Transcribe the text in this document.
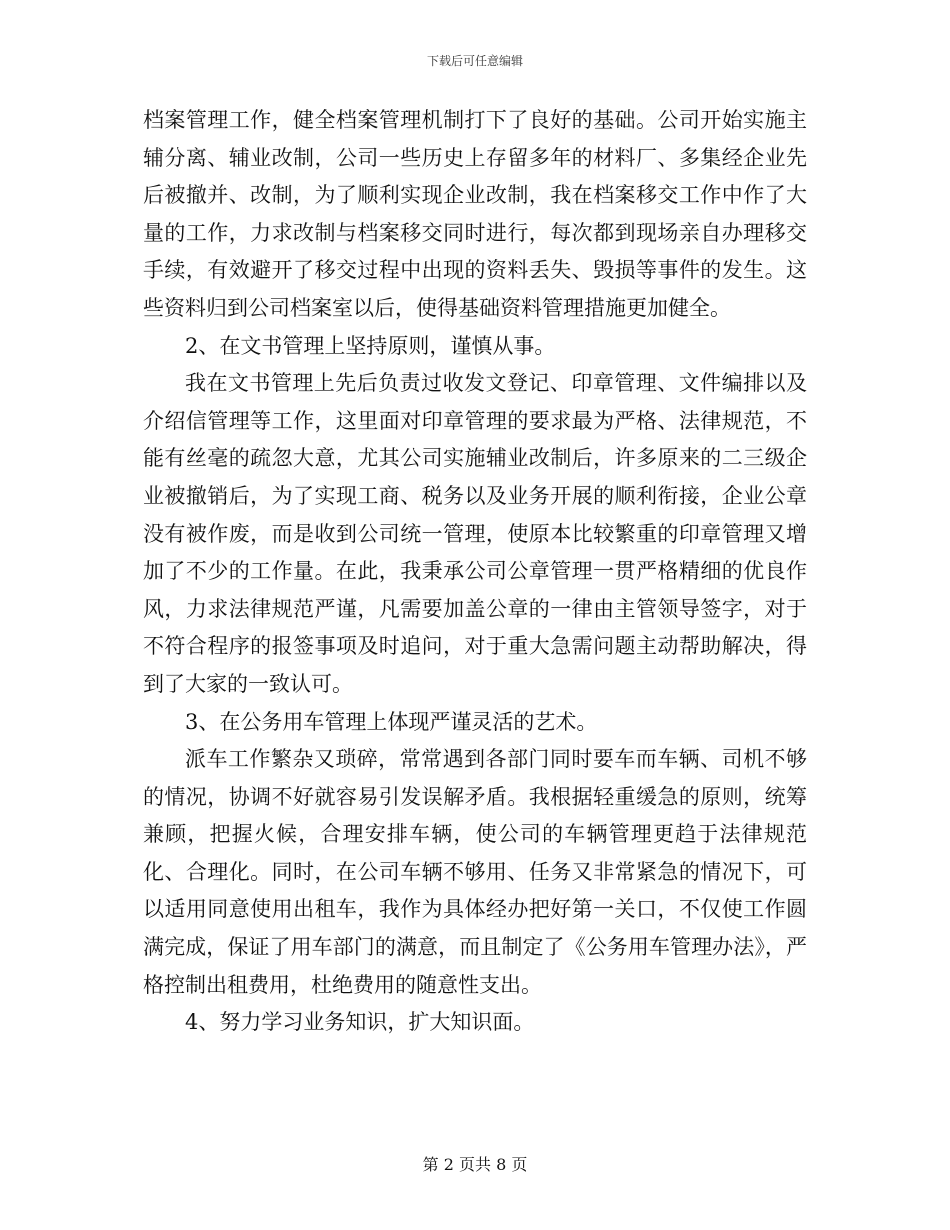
下载后可任意编辑

档案管理工作，健全档案管理机制打下了良好的基础。公司开始实施主辅分离、辅业改制，公司一些历史上存留多年的材料厂、多集经企业先后被撤并、改制，为了顺利实现企业改制，我在档案移交工作中作了大量的工作，力求改制与档案移交同时进行，每次都到现场亲自办理移交手续，有效避开了移交过程中出现的资料丢失、毁损等事件的发生。这些资料归到公司档案室以后，使得基础资料管理措施更加健全。

2、在文书管理上坚持原则，谨慎从事。

我在文书管理上先后负责过收发文登记、印章管理、文件编排以及介绍信管理等工作，这里面对印章管理的要求最为严格、法律规范，不能有丝毫的疏忽大意，尤其公司实施辅业改制后，许多原来的二三级企业被撤销后，为了实现工商、税务以及业务开展的顺利衔接，企业公章没有被作废，而是收到公司统一管理，使原本比较繁重的印章管理又增加了不少的工作量。在此，我秉承公司公章管理一贯严格精细的优良作风，力求法律规范严谨，凡需要加盖公章的一律由主管领导签字，对于不符合程序的报签事项及时追问，对于重大急需问题主动帮助解决，得到了大家的一致认可。

3、在公务用车管理上体现严谨灵活的艺术。

派车工作繁杂又琐碎，常常遇到各部门同时要车而车辆、司机不够的情况，协调不好就容易引发误解矛盾。我根据轻重缓急的原则，统筹兼顾，把握火候，合理安排车辆，使公司的车辆管理更趋于法律规范化、合理化。同时，在公司车辆不够用、任务又非常紧急的情况下，可以适用同意使用出租车，我作为具体经办把好第一关口，不仅使工作圆满完成，保证了用车部门的满意，而且制定了《公务用车管理办法》，严格控制出租费用，杜绝费用的随意性支出。

4、努力学习业务知识，扩大知识面。

第 2 页共 8 页
